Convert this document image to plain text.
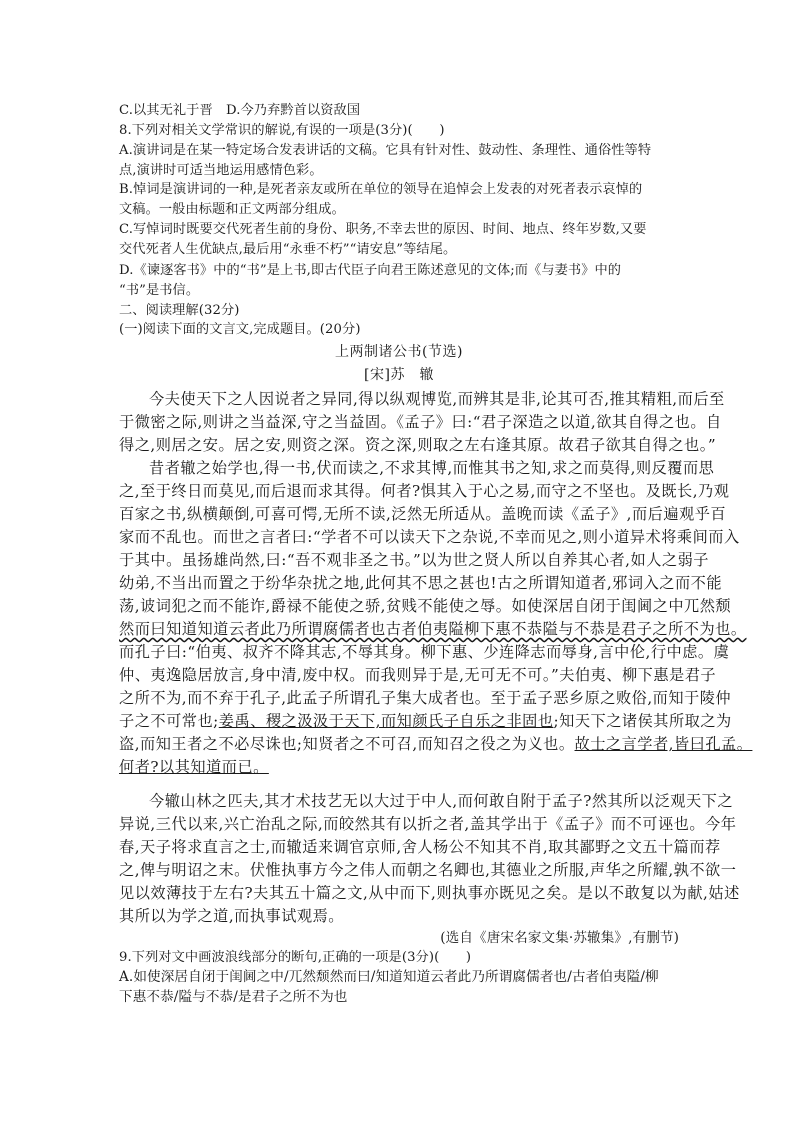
C.以其无礼于晋　D.今乃弃黔首以资敌国
8.下列对相关文学常识的解说,有误的一项是(3分)(　　)
A.演讲词是在某一特定场合发表讲话的文稿。它具有针对性、鼓动性、条理性、通俗性等特
点,演讲时可适当地运用感情色彩。
B.悼词是演讲词的一种,是死者亲友或所在单位的领导在追悼会上发表的对死者表示哀悼的
文稿。一般由标题和正文两部分组成。
C.写悼词时既要交代死者生前的身份、职务,不幸去世的原因、时间、地点、终年岁数,又要
交代死者人生优缺点,最后用“永垂不朽”“请安息”等结尾。
D.《谏逐客书》中的“书”是上书,即古代臣子向君王陈述意见的文体;而《与妻书》中的
“书”是书信。
二、阅读理解(32分)
(一)阅读下面的文言文,完成题目。(20分)
上两制诸公书(节选)
[宋]苏　辙
今夫使天下之人因说者之异同,得以纵观博览,而辨其是非,论其可否,推其精粗,而后至
于微密之际,则讲之当益深,守之当益固。《孟子》曰:“君子深造之以道,欲其自得之也。自
得之,则居之安。居之安,则资之深。资之深,则取之左右逢其原。故君子欲其自得之也。”
昔者辙之始学也,得一书,伏而读之,不求其博,而惟其书之知,求之而莫得,则反覆而思
之,至于终日而莫见,而后退而求其得。何者?惧其入于心之易,而守之不坚也。及既长,乃观
百家之书,纵横颠倒,可喜可愕,无所不读,泛然无所适从。盖晚而读《孟子》,而后遍观乎百
家而不乱也。而世之言者曰:“学者不可以读天下之杂说,不幸而见之,则小道异术将乘间而入
于其中。虽扬雄尚然,曰:“吾不观非圣之书。”以为世之贤人所以自养其心者,如人之弱子
幼弟,不当出而置之于纷华杂扰之地,此何其不思之甚也!古之所谓知道者,邪词入之而不能
荡,诐词犯之而不能诈,爵禄不能使之骄,贫贱不能使之辱。如使深居自闭于闺阃之中兀然颓
然而曰知道知道云者此乃所谓腐儒者也古者伯夷隘柳下惠不恭隘与不恭是君子之所不为也。
而孔子曰:“伯夷、叔齐不降其志,不辱其身。柳下惠、少连降志而辱身,言中伦,行中虑。虞
仲、夷逸隐居放言,身中清,废中权。而我则异于是,无可无不可。”夫伯夷、柳下惠是君子
之所不为,而不弃于孔子,此孟子所谓孔子集大成者也。至于孟子恶乡原之败俗,而知于陵仲
子之不可常也;姜禹、稷之汲汲于天下,而知颜氏子自乐之非固也;知天下之诸侯其所取之为
盗,而知王者之不必尽诛也;知贤者之不可召,而知召之役之为义也。故士之言学者,皆曰孔孟。
何者?以其知道而已。
今辙山林之匹夫,其才术技艺无以大过于中人,而何敢自附于孟子?然其所以泛观天下之
异说,三代以来,兴亡治乱之际,而皎然其有以折之者,盖其学出于《孟子》而不可诬也。今年
春,天子将求直言之士,而辙适来调官京师,舍人杨公不知其不肖,取其鄙野之文五十篇而荐
之,俾与明诏之末。伏惟执事方今之伟人而朝之名卿也,其德业之所服,声华之所耀,孰不欲一
见以效薄技于左右?夫其五十篇之文,从中而下,则执事亦既见之矣。是以不敢复以为献,姑述
其所以为学之道,而执事试观焉。
(选自《唐宋名家文集·苏辙集》,有删节)
9.下列对文中画波浪线部分的断句,正确的一项是(3分)(　　)
A.如使深居自闭于闺阃之中/兀然颓然而曰/知道知道云者此乃所谓腐儒者也/古者伯夷隘/柳
下惠不恭/隘与不恭/是君子之所不为也
